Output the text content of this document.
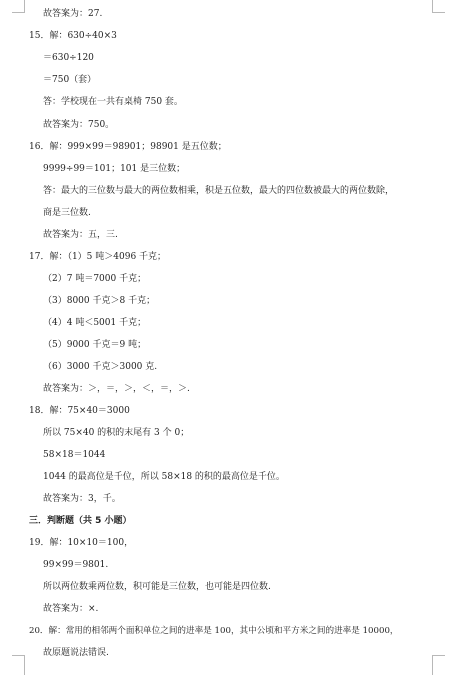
故答案为：27.
15．解：630÷40×3
＝630÷120
＝750（套）
答：学校现在一共有桌椅 750 套。
故答案为：750。
16．解：999×99＝98901；98901 是五位数；
9999÷99＝101；101 是三位数；
答：最大的三位数与最大的两位数相乘，积是五位数，最大的四位数被最大的两位数除，
商是三位数.
故答案为：五，三.
17．解：（1）5 吨＞4096 千克；
（2）7 吨＝7000 千克；
（3）8000 千克＞8 千克；
（4）4 吨＜5001 千克；
（5）9000 千克＝9 吨；
（6）3000 千克＞3000 克.
故答案为：＞，＝，＞，＜，＝，＞.
18．解：75×40＝3000
所以 75×40 的积的末尾有 3 个 0；
58×18＝1044
1044 的最高位是千位，所以 58×18 的积的最高位是千位。
故答案为：3，千。
三．判断题（共 5 小题）
19．解：10×10＝100，
99×99＝9801.
所以两位数乘两位数，积可能是三位数，也可能是四位数.
故答案为：×.
20．解：常用的相邻两个面积单位之间的进率是 100，其中公顷和平方米之间的进率是 10000，
故原题说法错误.
